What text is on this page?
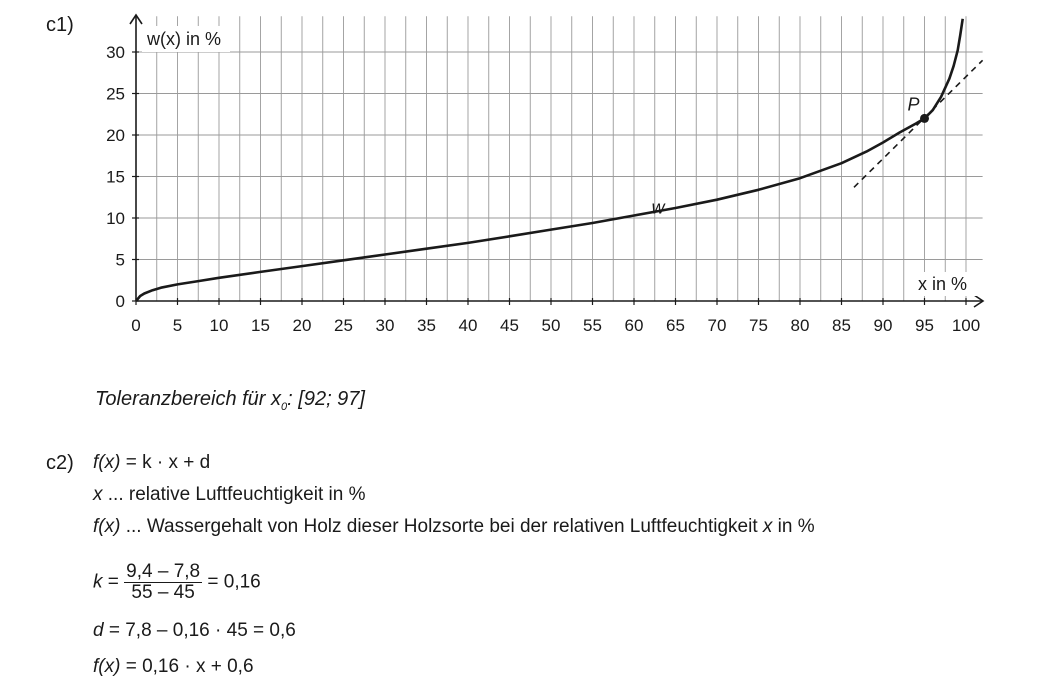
c1)
0 5 10 15 20 25 30 35 40 45 50 55 60 65 70 75 80 85 90 95 100
0
5
10
15
20
25
30
w
P
w(x) in %
x in %
Toleranzbereich für $x_0$: [92; 97]
c2) f(x) = k · x + d
x ... relative Luftfeuchtigkeit in %
f(x) ... Wassergehalt von Holz dieser Holzsorte bei der relativen Luftfeuchtigkeit x in %
$k = \frac{9,4 - 7,8}{55 - 45} = 0,16$
d = 7,8 – 0,16 · 45 = 0,6
f(x) = 0,16 · x + 0,6
